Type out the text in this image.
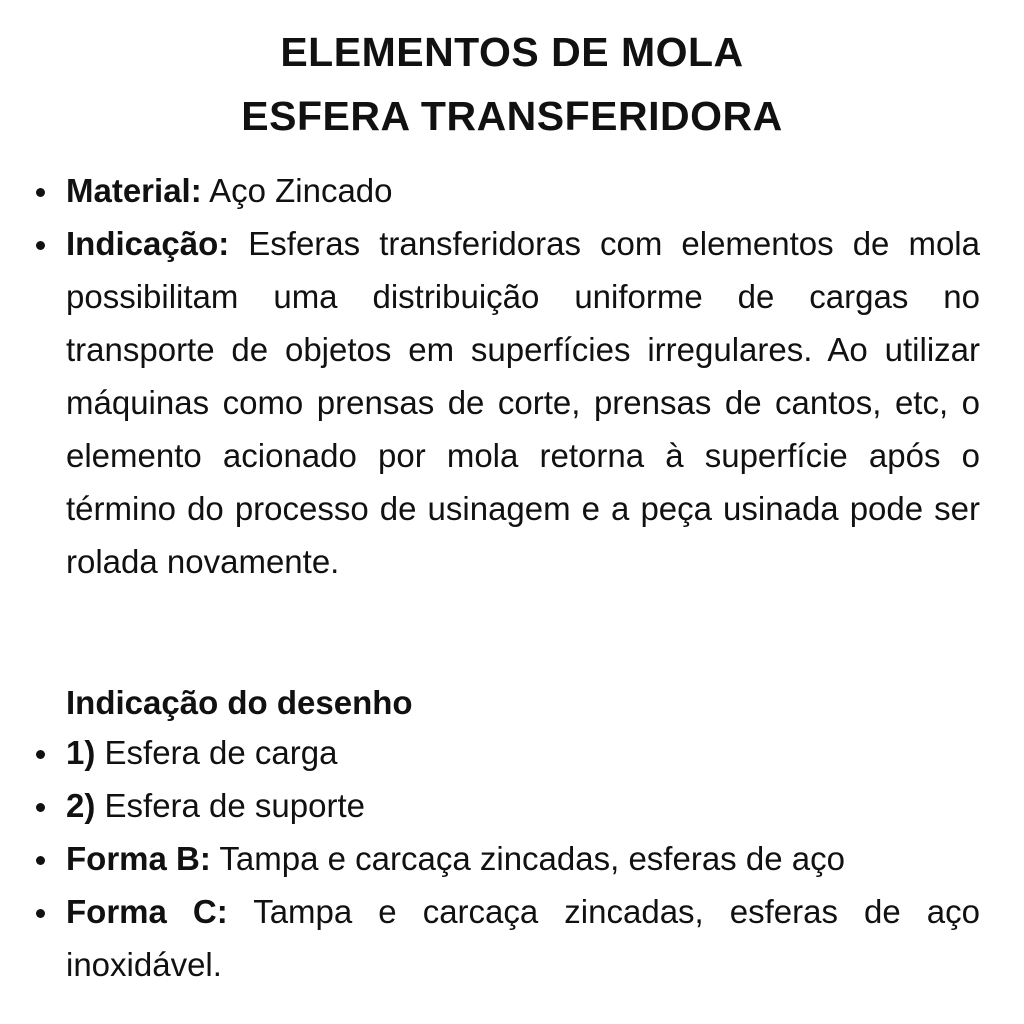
ELEMENTOS DE MOLA
ESFERA TRANSFERIDORA
Material: Aço Zincado
Indicação: Esferas transferidoras com elementos de mola possibilitam uma distribuição uniforme de cargas no transporte de objetos em superfícies irregulares. Ao utilizar máquinas como prensas de corte, prensas de cantos, etc, o elemento acionado por mola retorna à superfície após o término do processo de usinagem e a peça usinada pode ser rolada novamente.
Indicação do desenho
1) Esfera de carga
2) Esfera de suporte
Forma B: Tampa e carcaça zincadas, esferas de aço
Forma C: Tampa e carcaça zincadas, esferas de aço inoxidável.
